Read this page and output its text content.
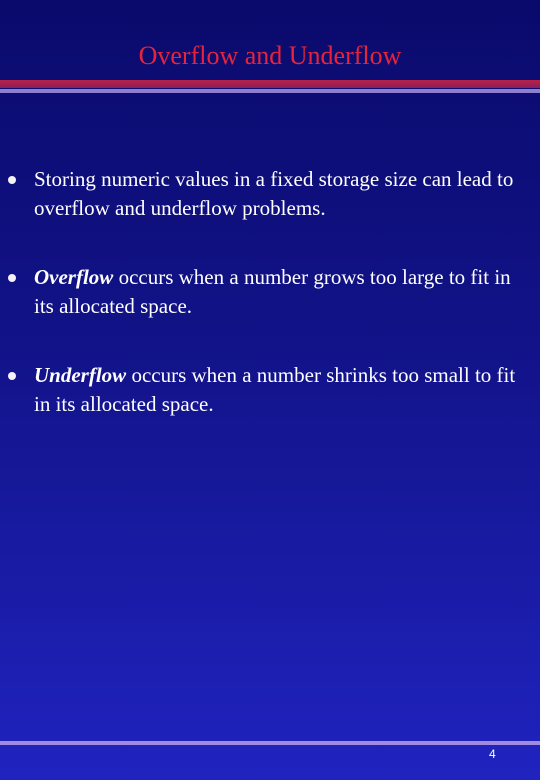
Overflow and Underflow
Storing numeric values in a fixed storage size can lead to overflow and underflow problems.
Overflow occurs when a number grows too large to fit in its allocated space.
Underflow occurs when a number shrinks too small to fit in its allocated space.
4
